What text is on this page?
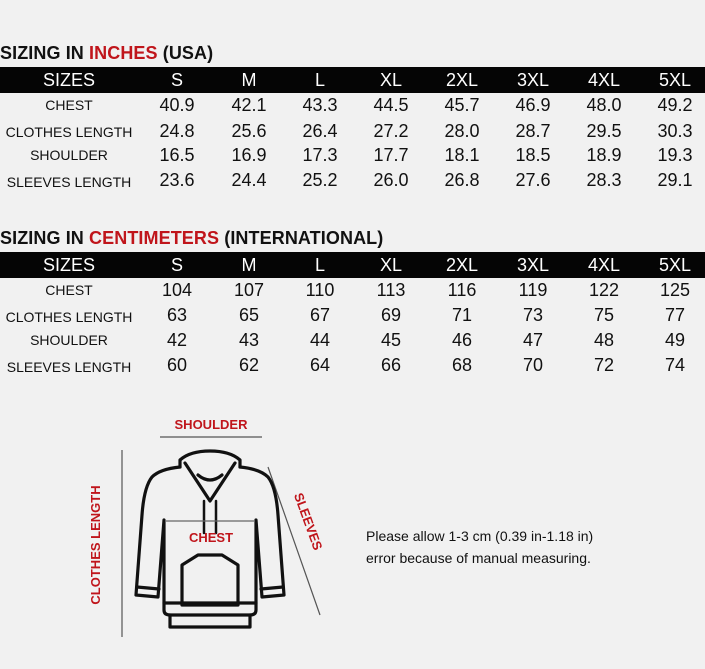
SIZING IN INCHES (USA)
SIZES	S	M	L	XL	2XL	3XL	4XL	5XL
CHEST	40.9	42.1	43.3	44.5	45.7	46.9	48.0	49.2
CLOTHES LENGTH	24.8	25.6	26.4	27.2	28.0	28.7	29.5	30.3
SHOULDER	16.5	16.9	17.3	17.7	18.1	18.5	18.9	19.3
SLEEVES LENGTH	23.6	24.4	25.2	26.0	26.8	27.6	28.3	29.1
SIZING IN CENTIMETERS (INTERNATIONAL)
SIZES	S	M	L	XL	2XL	3XL	4XL	5XL
CHEST	104	107	110	113	116	119	122	125
CLOTHES LENGTH	63	65	67	69	71	73	75	77
SHOULDER	42	43	44	45	46	47	48	49
SLEEVES LENGTH	60	62	64	66	68	70	72	74
SHOULDER
CLOTHES LENGTH	SLEEVES
CHEST	Please allow 1-3 cm (0.39 in-1.18 in)
error because of manual measuring.
